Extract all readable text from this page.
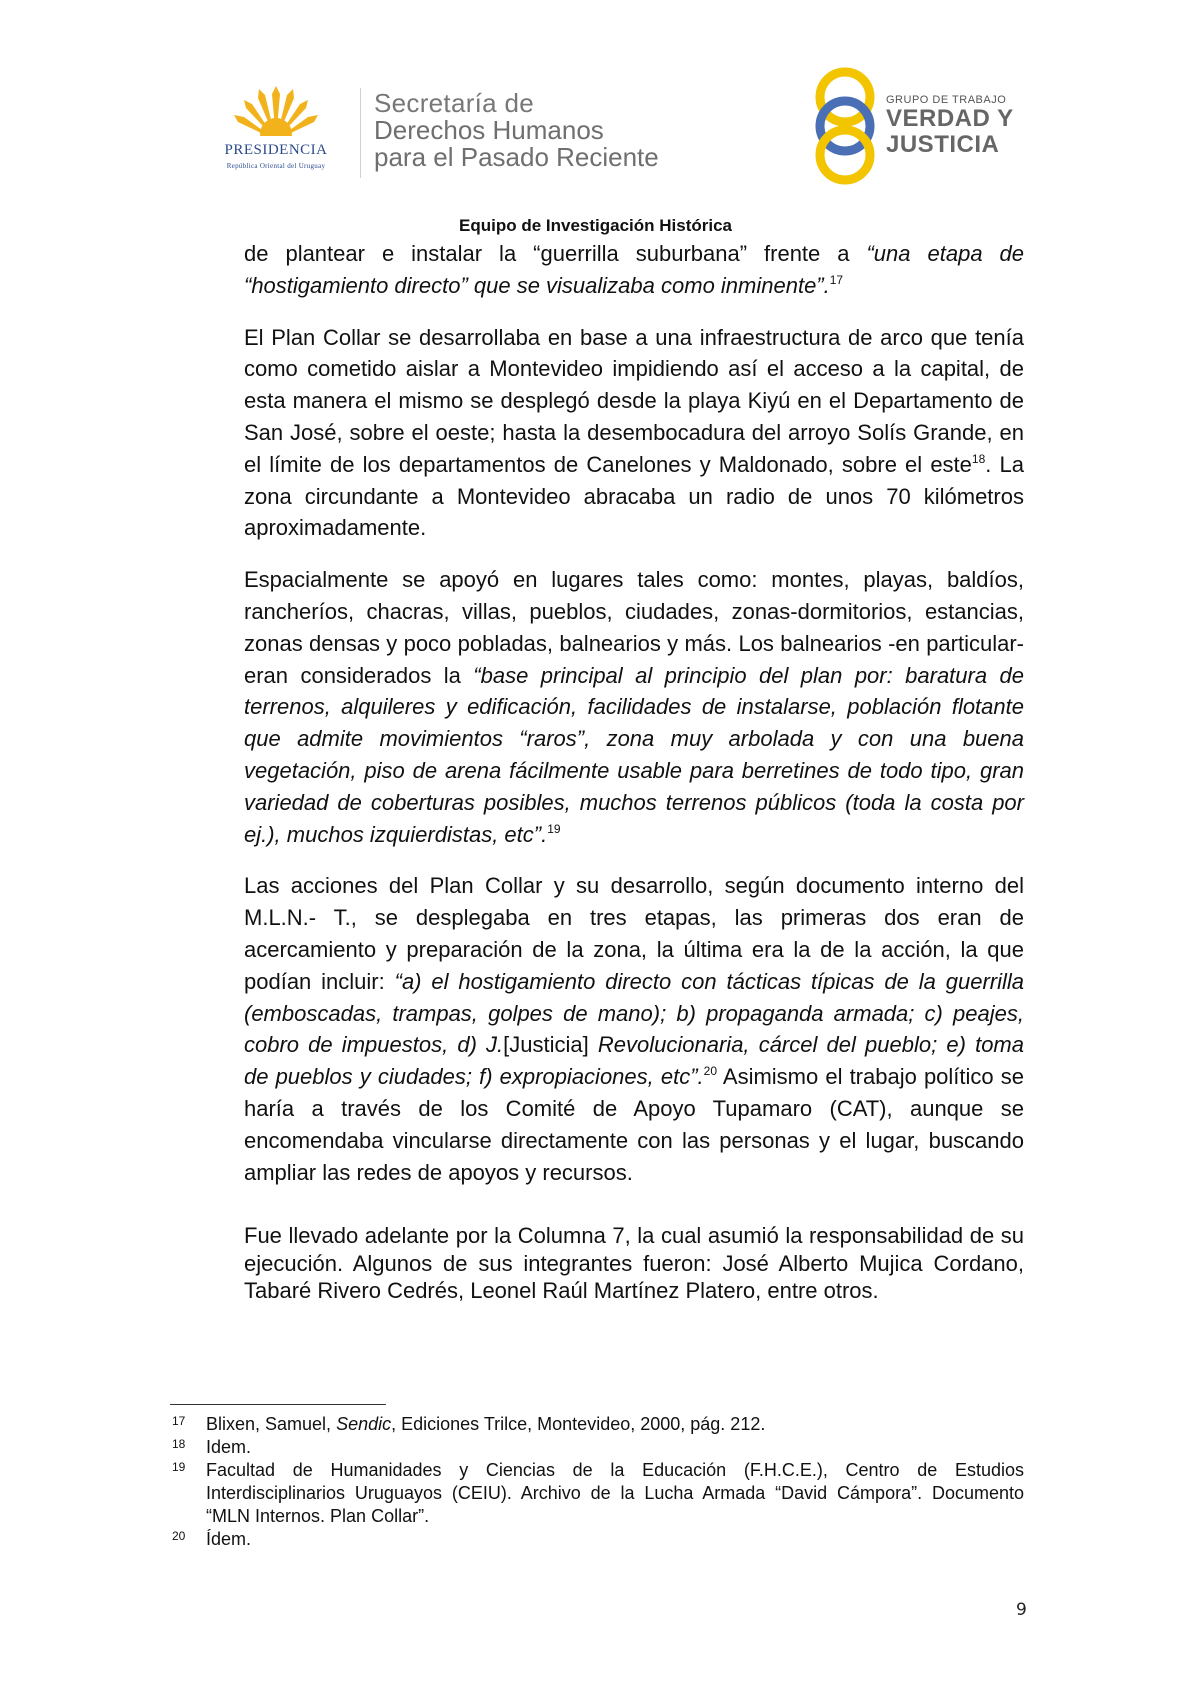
PRESIDENCIA
República Oriental del Uruguay
Secretaría de
Derechos Humanos
para el Pasado Reciente
GRUPO DE TRABAJO
VERDAD Y
JUSTICIA
Equipo de Investigación Histórica

de plantear e instalar la “guerrilla suburbana” frente a “una etapa de “hostigamiento directo” que se visualizaba como inminente”.$^{17}$

El Plan Collar se desarrollaba en base a una infraestructura de arco que tenía como cometido aislar a Montevideo impidiendo así el acceso a la capital, de esta manera el mismo se desplegó desde la playa Kiyú en el Departamento de San José, sobre el oeste; hasta la desembocadura del arroyo Solís Grande, en el límite de los departamentos de Canelones y Maldonado, sobre el este$^{18}$. La zona circundante a Montevideo abracaba un radio de unos 70 kilómetros aproximadamente.

Espacialmente se apoyó en lugares tales como: montes, playas, baldíos, rancheríos, chacras, villas, pueblos, ciudades, zonas-dormitorios, estancias, zonas densas y poco pobladas, balnearios y más. Los balnearios -en particular- eran considerados la “base principal al principio del plan por: baratura de terrenos, alquileres y edificación, facilidades de instalarse, población flotante que admite movimientos “raros”, zona muy arbolada y con una buena vegetación, piso de arena fácilmente usable para berretines de todo tipo, gran variedad de coberturas posibles, muchos terrenos públicos (toda la costa por ej.), muchos izquierdistas, etc”.$^{19}$

Las acciones del Plan Collar y su desarrollo, según documento interno del M.L.N.- T., se desplegaba en tres etapas, las primeras dos eran de acercamiento y preparación de la zona, la última era la de la acción, la que podían incluir: “a) el hostigamiento directo con tácticas típicas de la guerrilla (emboscadas, trampas, golpes de mano); b) propaganda armada; c) peajes, cobro de impuestos, d) J.[Justicia] Revolucionaria, cárcel del pueblo; e) toma de pueblos y ciudades; f) expropiaciones, etc”.$^{20}$ Asimismo el trabajo político se haría a través de los Comité de Apoyo Tupamaro (CAT), aunque se encomendaba vincularse directamente con las personas y el lugar, buscando ampliar las redes de apoyos y recursos.

Fue llevado adelante por la Columna 7, la cual asumió la responsabilidad de su ejecución. Algunos de sus integrantes fueron: José Alberto Mujica Cordano, Tabaré Rivero Cedrés, Leonel Raúl Martínez Platero, entre otros.

17 Blixen, Samuel, Sendic, Ediciones Trilce, Montevideo, 2000, pág. 212.
18 Idem.
19 Facultad de Humanidades y Ciencias de la Educación (F.H.C.E.), Centro de Estudios Interdisciplinarios Uruguayos (CEIU). Archivo de la Lucha Armada “David Cámpora”. Documento “MLN Internos. Plan Collar”.
20 Ídem.
9
